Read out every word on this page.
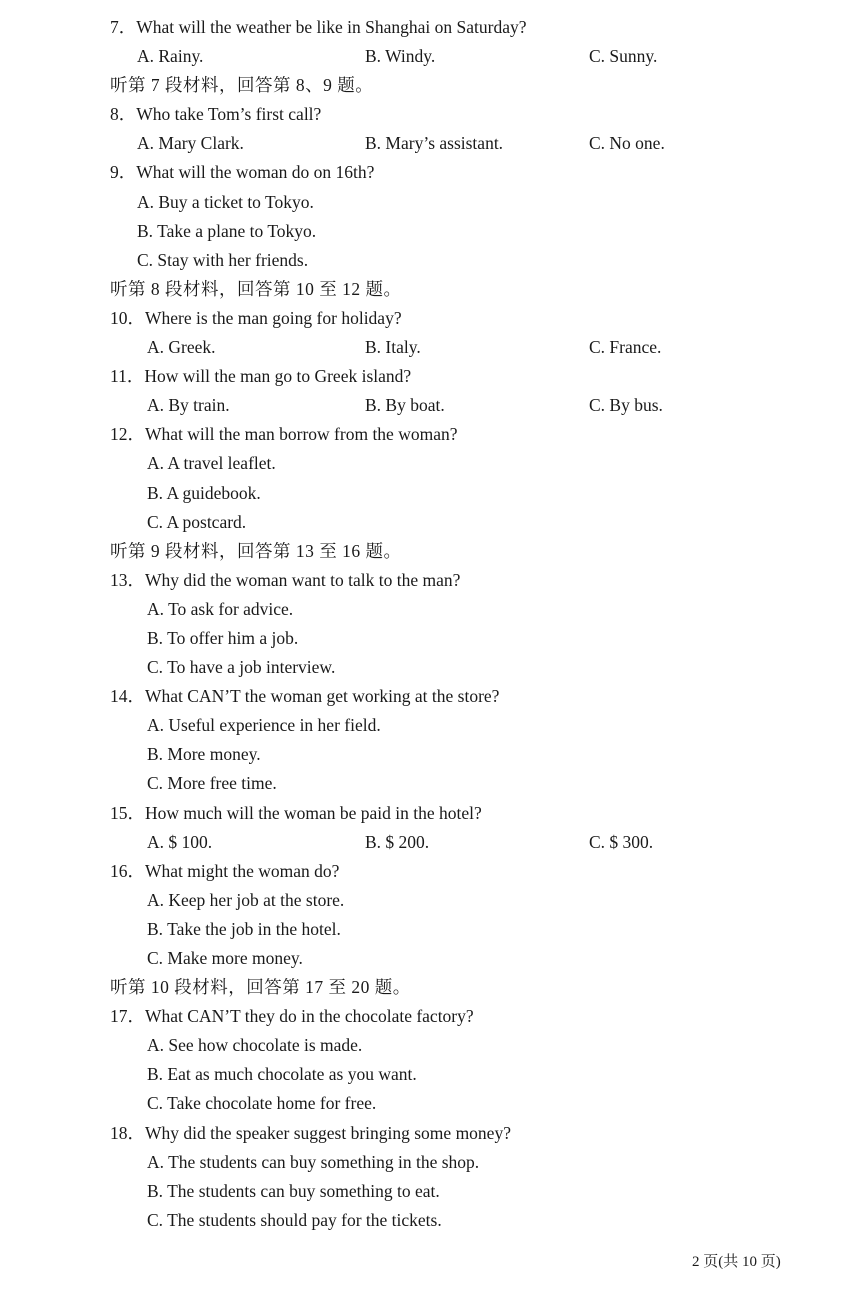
7．What will the weather be like in Shanghai on Saturday?
A. Rainy.	B. Windy.	C. Sunny.
听第 7 段材料，回答第 8、9 题。
8．Who take Tom’s first call?
A. Mary Clark.	B. Mary’s assistant.	C. No one.
9．What will the woman do on 16th?
A. Buy a ticket to Tokyo.
B. Take a plane to Tokyo.
C. Stay with her friends.
听第 8 段材料，回答第 10 至 12 题。
10．Where is the man going for holiday?
A. Greek.	B. Italy.	C. France.
11．How will the man go to Greek island?
A. By train.	B. By boat.	C. By bus.
12．What will the man borrow from the woman?
A. A travel leaflet.
B. A guidebook.
C. A postcard.
听第 9 段材料，回答第 13 至 16 题。
13．Why did the woman want to talk to the man?
A. To ask for advice.
B. To offer him a job.
C. To have a job interview.
14．What CAN’T the woman get working at the store?
A. Useful experience in her field.
B. More money.
C. More free time.
15．How much will the woman be paid in the hotel?
A. $ 100.	B. $ 200.	C. $ 300.
16．What might the woman do?
A. Keep her job at the store.
B. Take the job in the hotel.
C. Make more money.
听第 10 段材料，回答第 17 至 20 题。
17．What CAN’T they do in the chocolate factory?
A. See how chocolate is made.
B. Eat as much chocolate as you want.
C. Take chocolate home for free.
18．Why did the speaker suggest bringing some money?
A. The students can buy something in the shop.
B. The students can buy something to eat.
C. The students should pay for the tickets.
2 页(共 10 页)
